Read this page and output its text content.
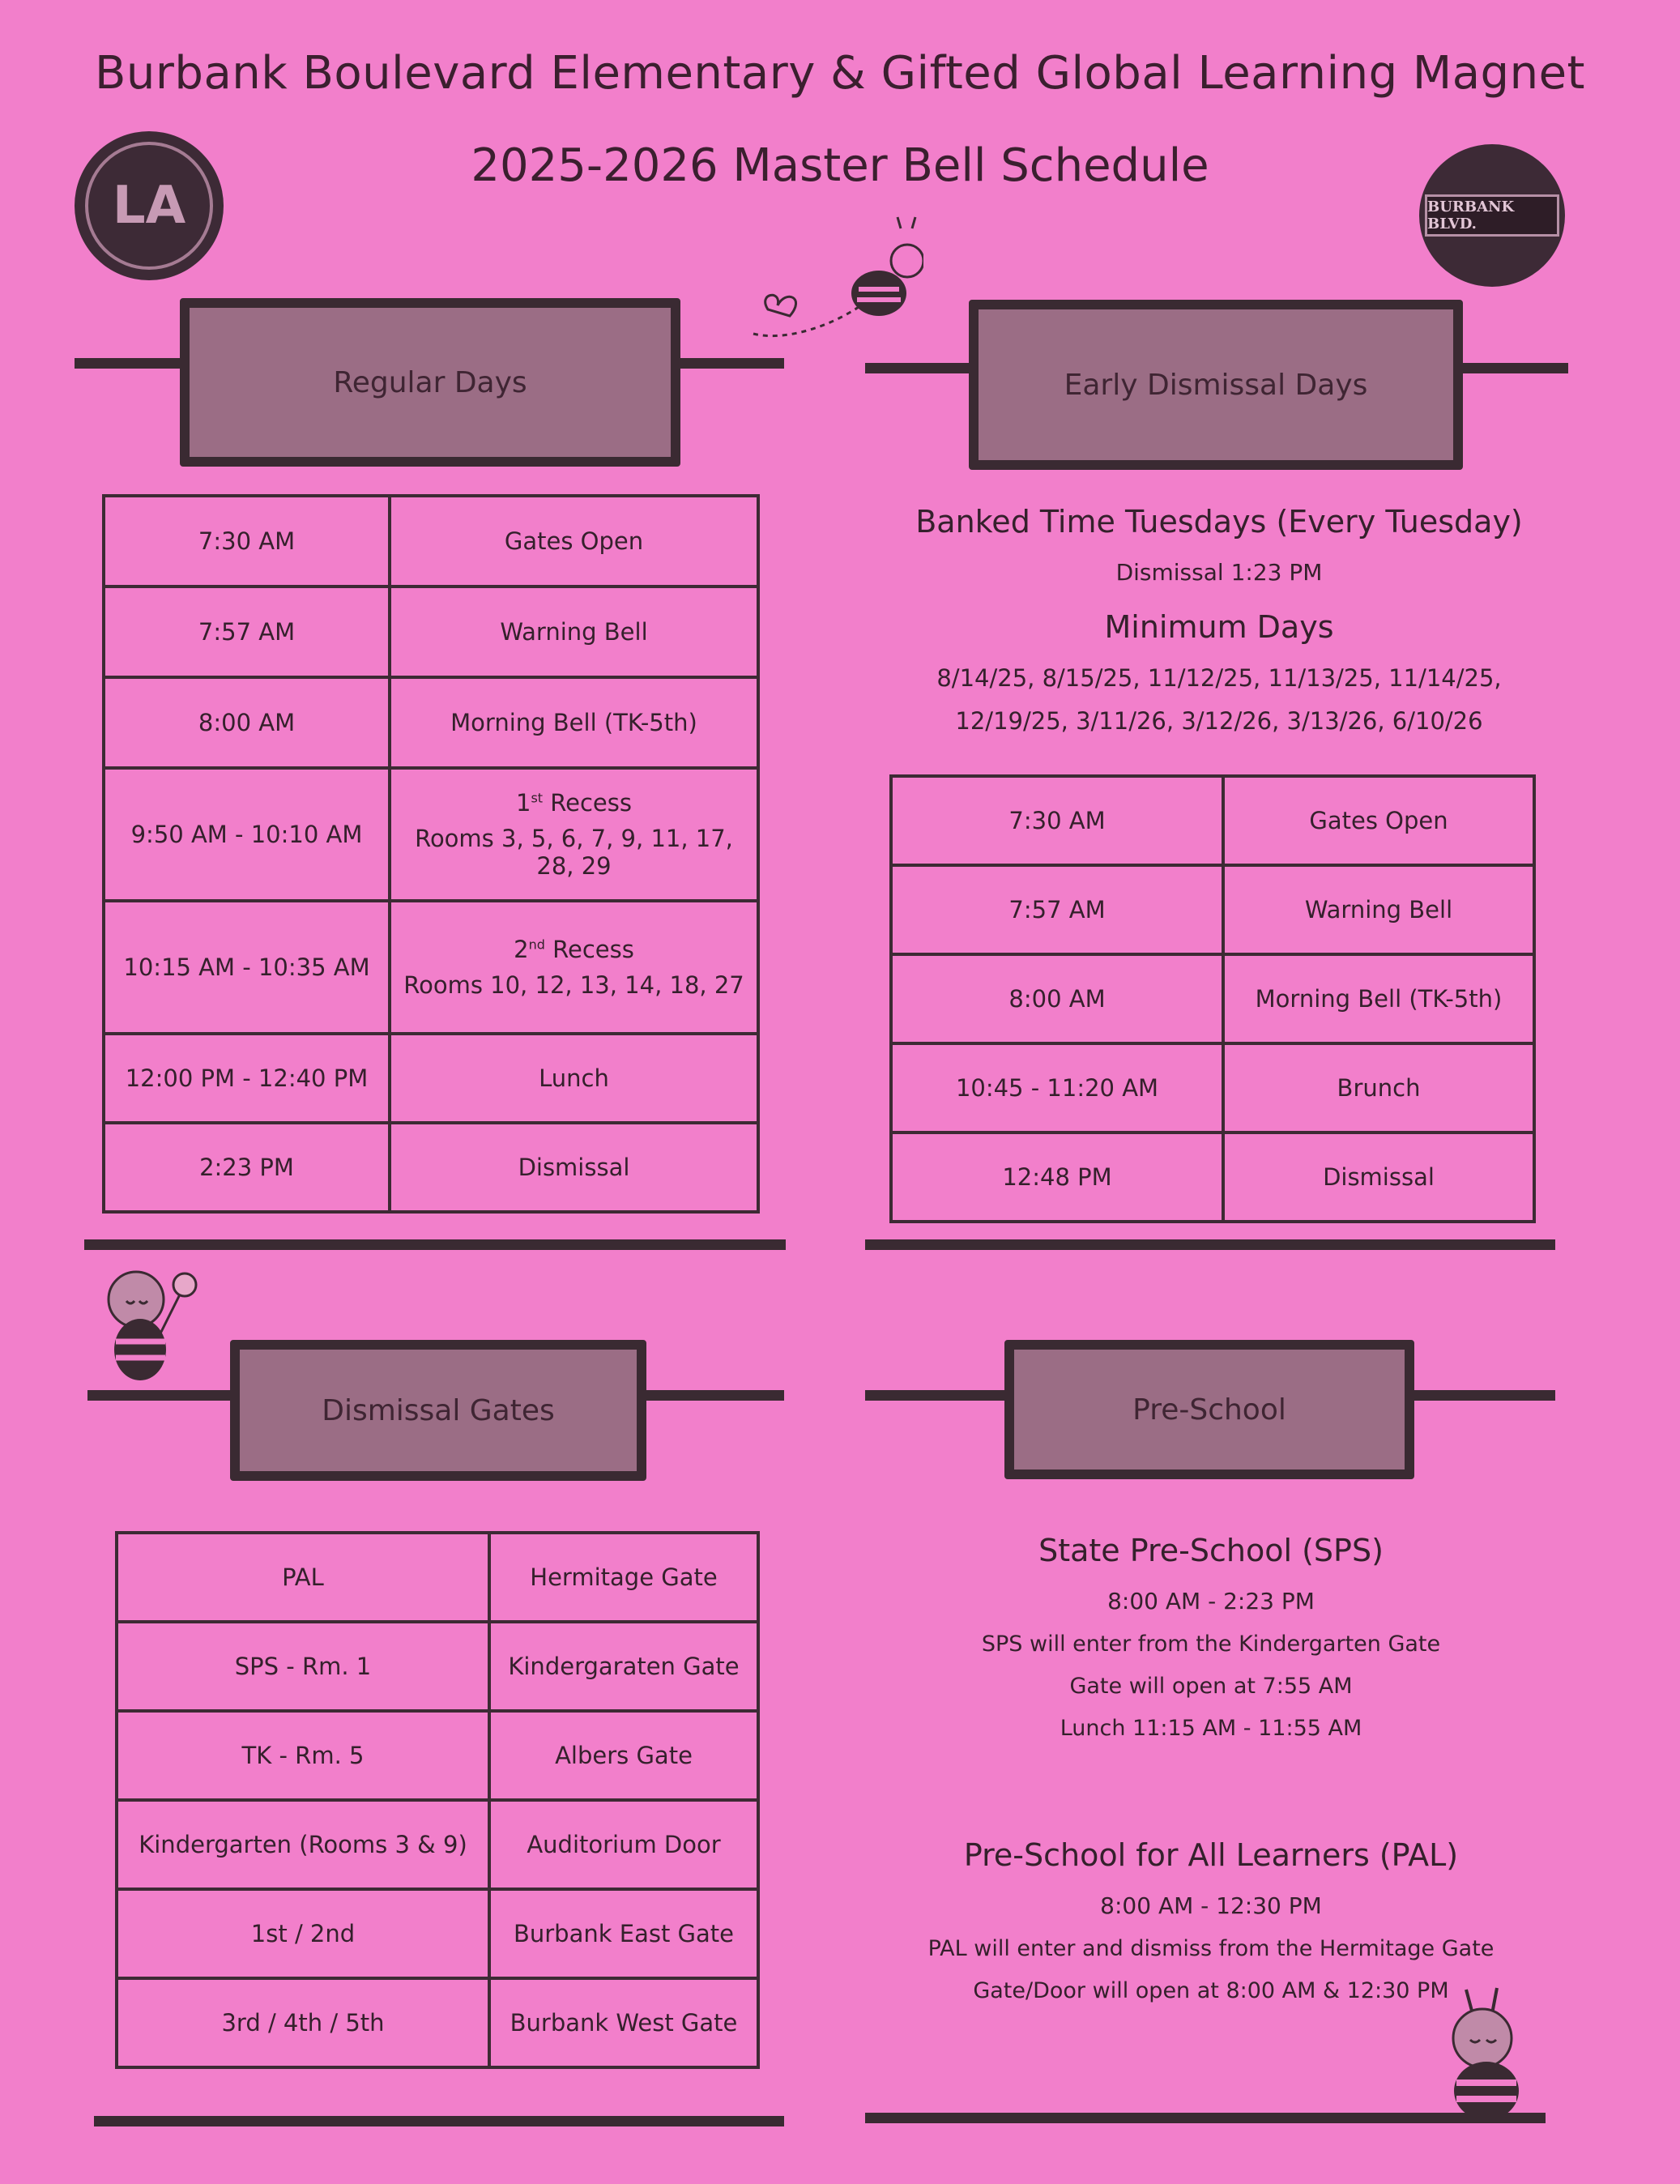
Burbank Boulevard Elementary & Gifted Global Learning Magnet
2025-2026 Master Bell Schedule
LA	BURBANK BLVD.
Regular Days
7:30 AM	Gates Open
7:57 AM	Warning Bell
8:00 AM	Morning Bell (TK-5th)
9:50 AM - 10:10 AM	1st Recess
Rooms 3, 5, 6, 7, 9, 11, 17, 28, 29

10:15 AM - 10:35 AM	2nd Recess
Rooms 10, 12, 13, 14, 18, 27

12:00 PM - 12:40 PM	Lunch
2:23 PM	Dismissal
Early Dismissal Days
Banked Time Tuesdays (Every Tuesday)
Dismissal 1:23 PM
Minimum Days
8/14/25, 8/15/25, 11/12/25, 11/13/25, 11/14/25,
12/19/25, 3/11/26, 3/12/26, 3/13/26, 6/10/26
7:30 AM	Gates Open
7:57 AM	Warning Bell
8:00 AM	Morning Bell (TK-5th)
10:45 - 11:20 AM	Brunch
12:48 PM	Dismissal
Dismissal Gates
PAL	Hermitage Gate
SPS - Rm. 1	Kindergaraten Gate
TK - Rm. 5	Albers Gate
Kindergarten (Rooms 3 & 9)	Auditorium Door
1st / 2nd	Burbank East Gate
3rd / 4th / 5th	Burbank West Gate
Pre-School
State Pre-School (SPS)
8:00 AM - 2:23 PM
SPS will enter from the Kindergarten Gate
Gate will open at 7:55 AM
Lunch 11:15 AM - 11:55 AM
Pre-School for All Learners (PAL)
8:00 AM - 12:30 PM
PAL will enter and dismiss from the Hermitage Gate
Gate/Door will open at 8:00 AM & 12:30 PM
